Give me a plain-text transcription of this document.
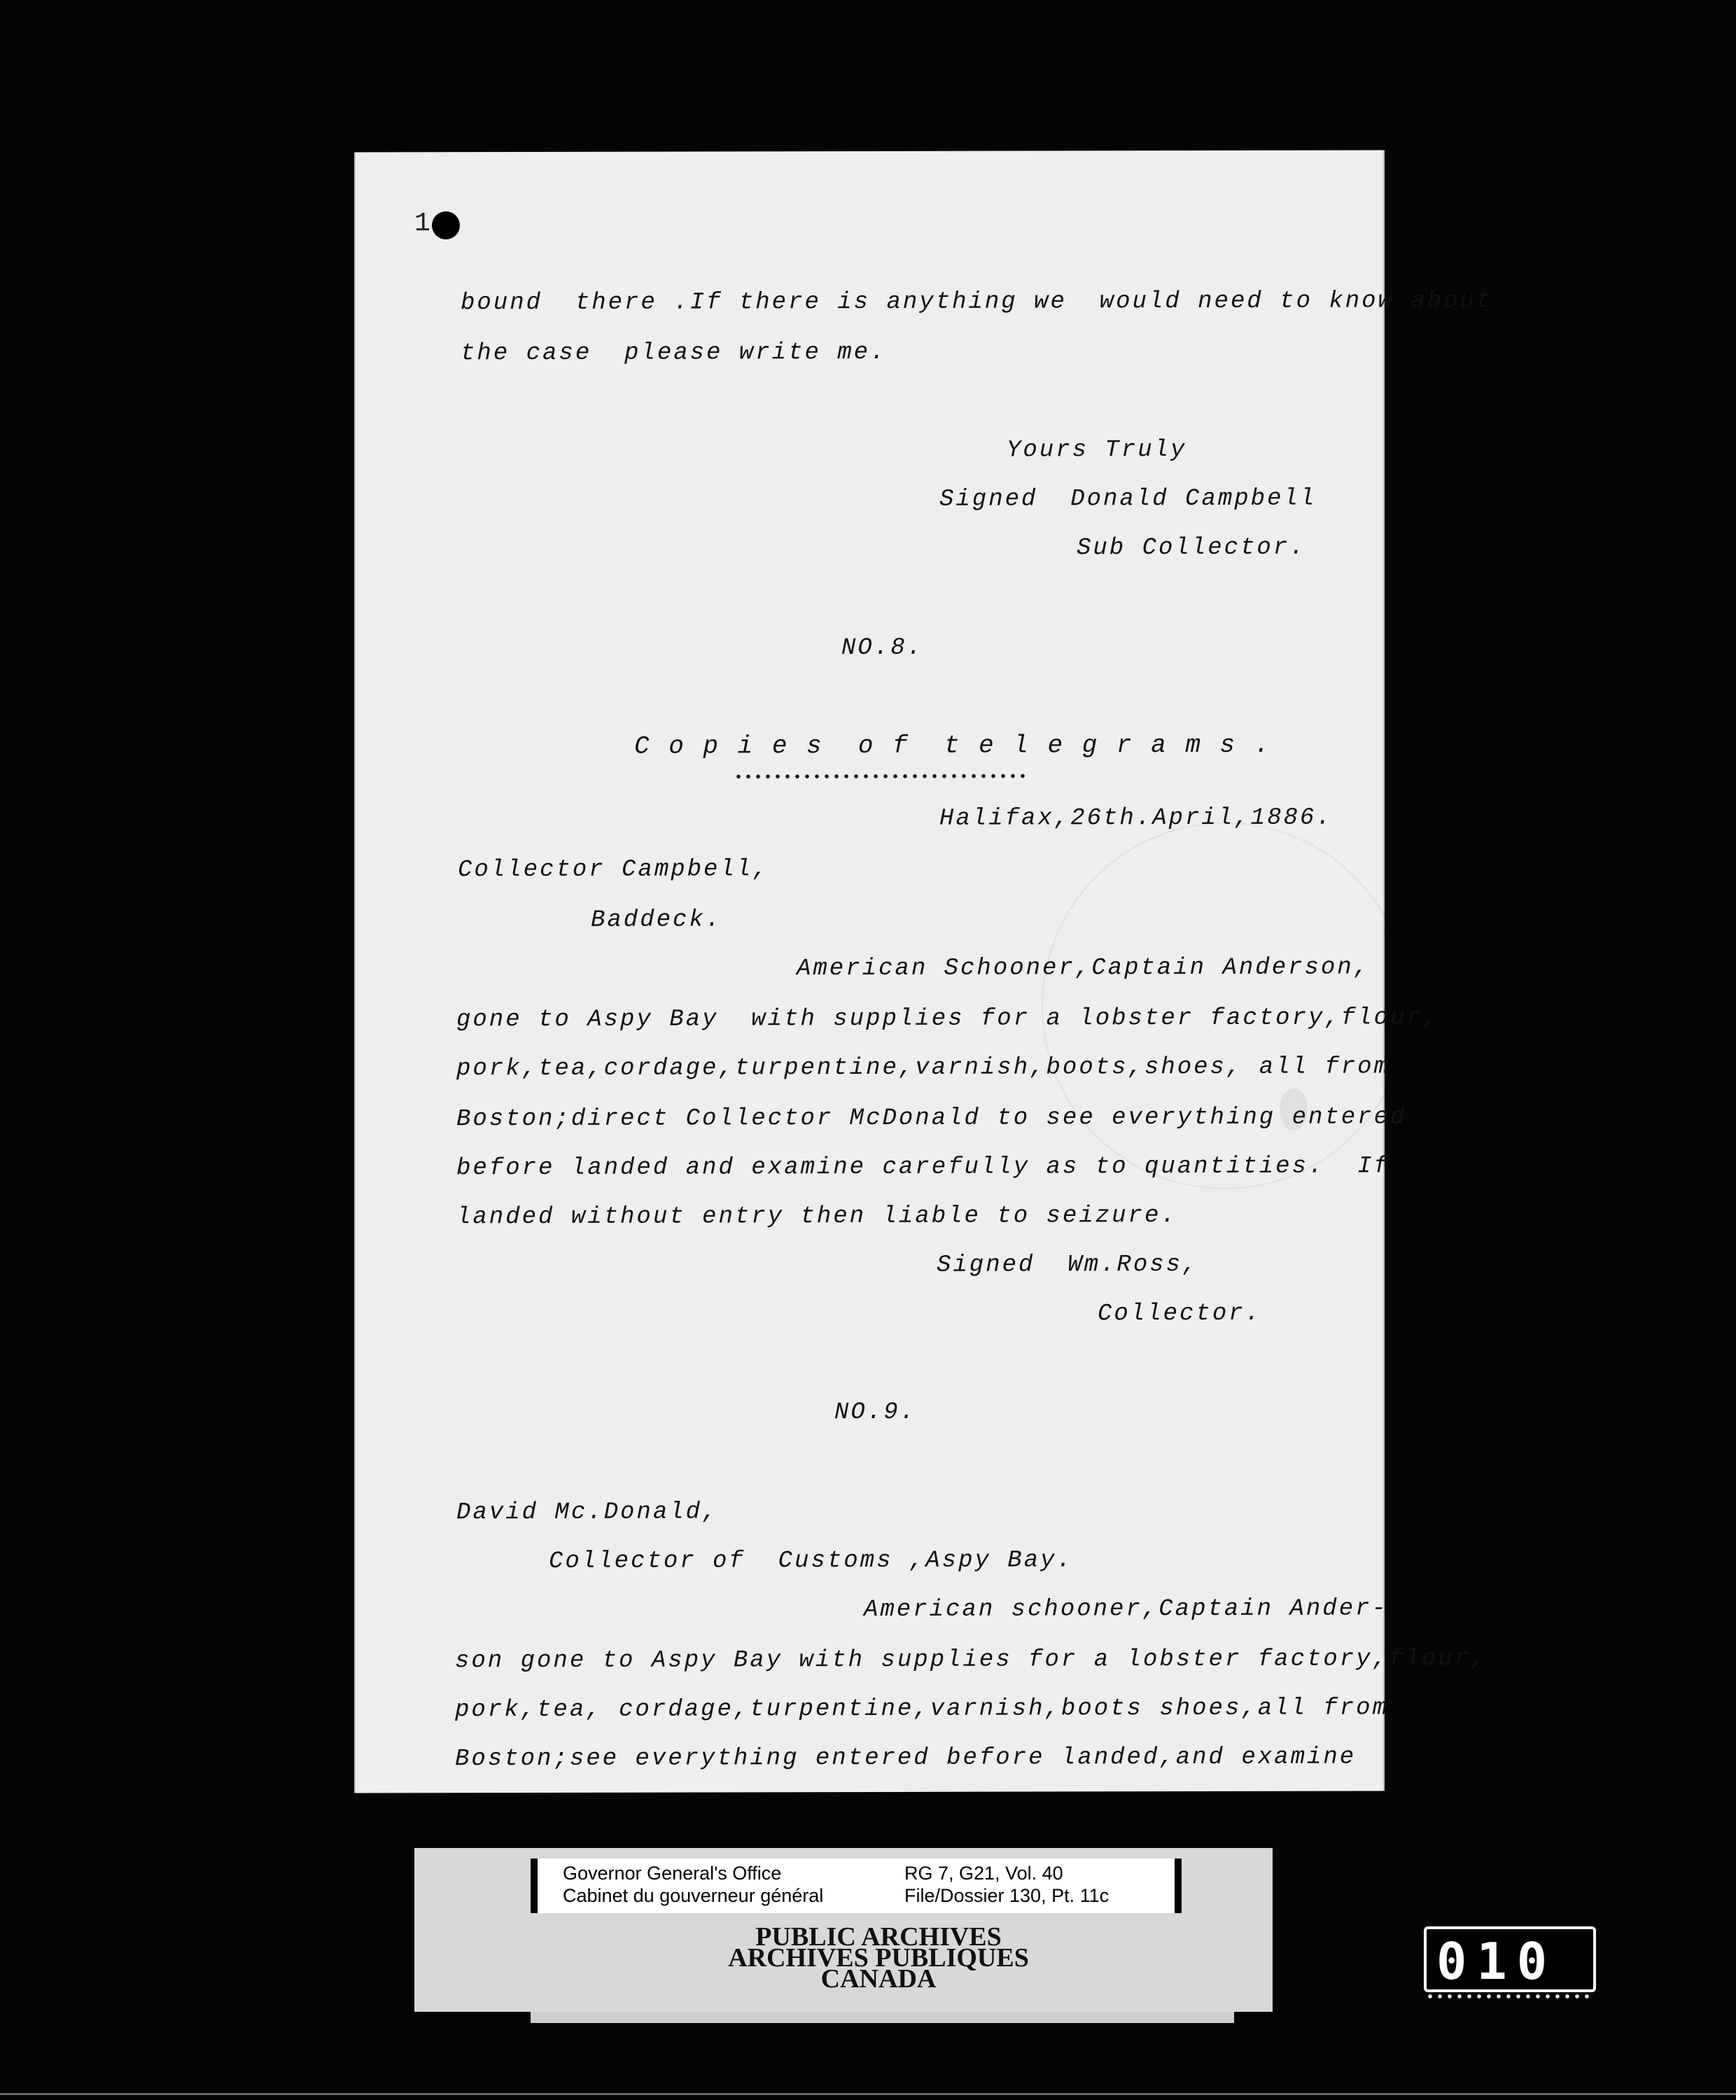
bound  there .If there is anything we  would need to know about
the case  please write me.
Yours Truly
Signed  Donald Campbell
Sub Collector.
NO.8.
C o p i e s  o f  t e l e g r a m s .
Halifax,26th.April,1886.
Collector Campbell,
Baddeck.
American Schooner,Captain Anderson,
gone to Aspy Bay  with supplies for a lobster factory,flour,
pork,tea,cordage,turpentine,varnish,boots,shoes, all from
Boston;direct Collector McDonald to see everything entered
before landed and examine carefully as to quantities.  If
landed without entry then liable to seizure.
Signed  Wm.Ross,
Collector.
NO.9.
David Mc.Donald,
Collector of  Customs ,Aspy Bay.
American schooner,Captain Ander-
son gone to Aspy Bay with supplies for a lobster factory,flour,
pork,tea, cordage,turpentine,varnish,boots shoes,all from
Boston;see everything entered before landed,and examine
1
Governor General's Office
Cabinet du gouverneur général
RG 7, G21, Vol. 40
File/Dossier 130, Pt. 11c
PUBLIC ARCHIVES
ARCHIVES PUBLIQUES
CANADA	010
